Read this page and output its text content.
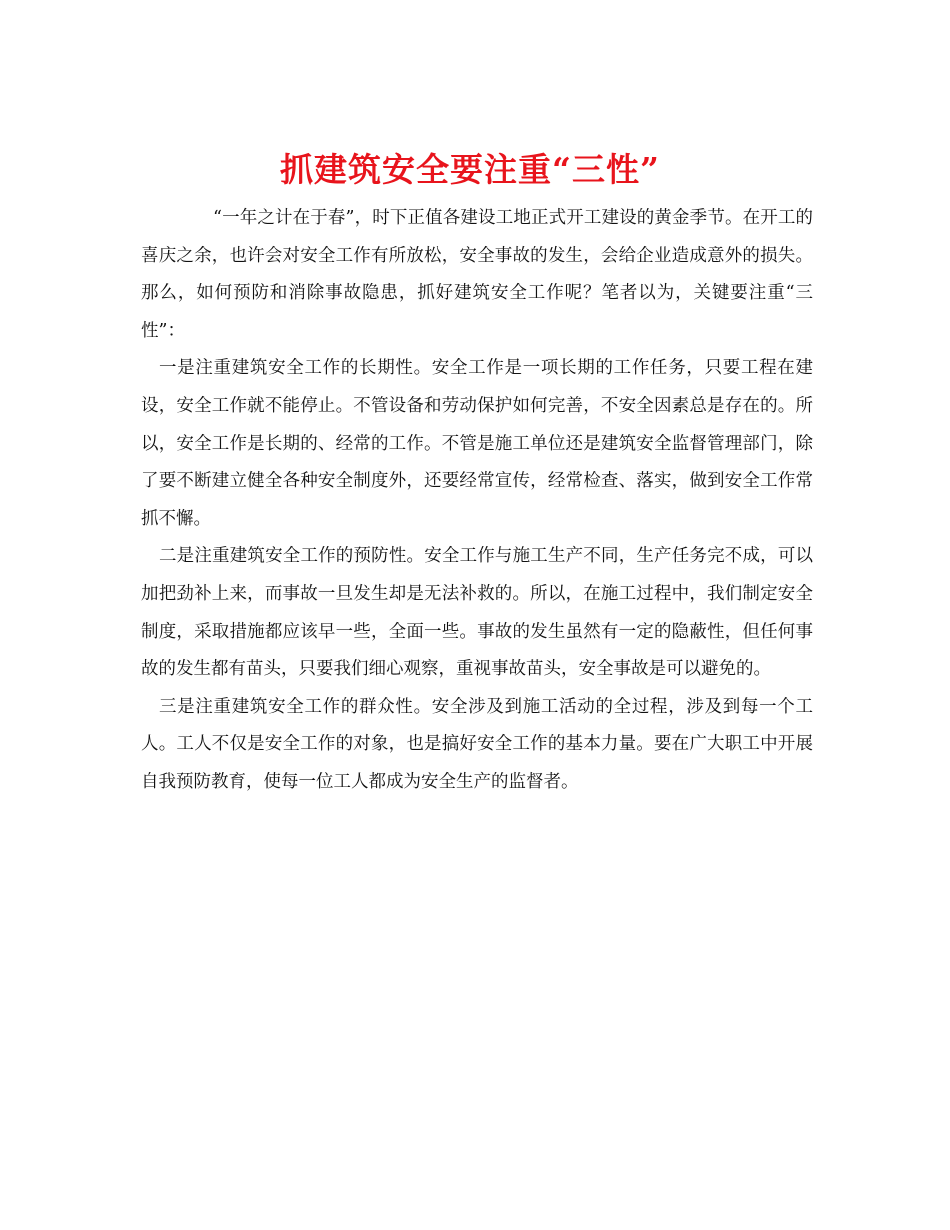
抓建筑安全要注重“三性”

“一年之计在于春”，时下正值各建设工地正式开工建设的黄金季节。在开工的喜庆之余，也许会对安全工作有所放松，安全事故的发生，会给企业造成意外的损失。那么，如何预防和消除事故隐患，抓好建筑安全工作呢？笔者以为，关键要注重“三性”：

一是注重建筑安全工作的长期性。安全工作是一项长期的工作任务，只要工程在建设，安全工作就不能停止。不管设备和劳动保护如何完善，不安全因素总是存在的。所以，安全工作是长期的、经常的工作。不管是施工单位还是建筑安全监督管理部门，除了要不断建立健全各种安全制度外，还要经常宣传，经常检查、落实，做到安全工作常抓不懈。

二是注重建筑安全工作的预防性。安全工作与施工生产不同，生产任务完不成，可以加把劲补上来，而事故一旦发生却是无法补救的。所以，在施工过程中，我们制定安全制度，采取措施都应该早一些，全面一些。事故的发生虽然有一定的隐蔽性，但任何事故的发生都有苗头，只要我们细心观察，重视事故苗头，安全事故是可以避免的。

三是注重建筑安全工作的群众性。安全涉及到施工活动的全过程，涉及到每一个工人。工人不仅是安全工作的对象，也是搞好安全工作的基本力量。要在广大职工中开展自我预防教育，使每一位工人都成为安全生产的监督者。
